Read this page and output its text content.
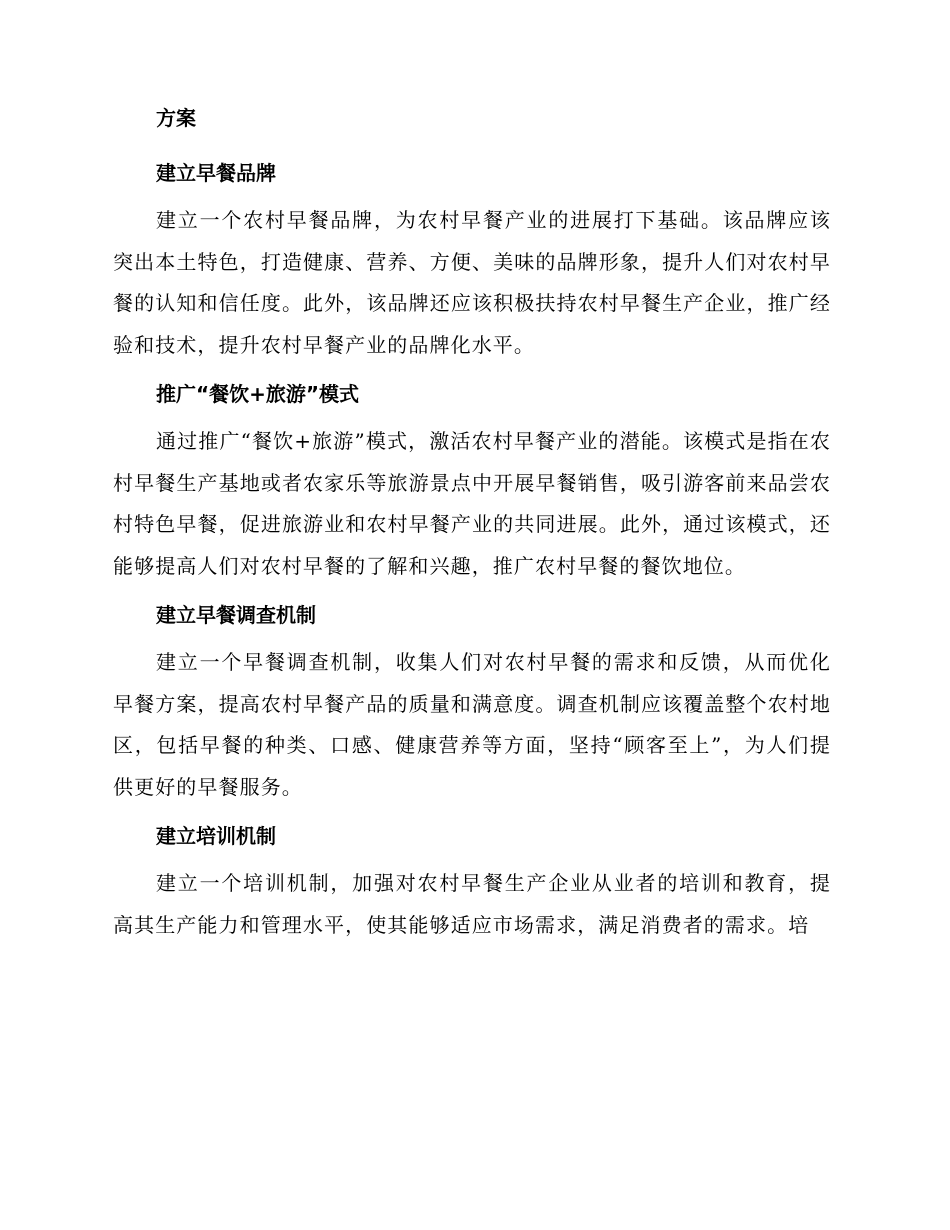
方案
建立早餐品牌

建立一个农村早餐品牌，为农村早餐产业的进展打下基础。该品牌应该突出本土特色，打造健康、营养、方便、美味的品牌形象，提升人们对农村早餐的认知和信任度。此外，该品牌还应该积极扶持农村早餐生产企业，推广经验和技术，提升农村早餐产业的品牌化水平。

推广“餐饮+旅游”模式

通过推广“餐饮+旅游”模式，激活农村早餐产业的潜能。该模式是指在农村早餐生产基地或者农家乐等旅游景点中开展早餐销售，吸引游客前来品尝农村特色早餐，促进旅游业和农村早餐产业的共同进展。此外，通过该模式，还能够提高人们对农村早餐的了解和兴趣，推广农村早餐的餐饮地位。

建立早餐调查机制

建立一个早餐调查机制，收集人们对农村早餐的需求和反馈，从而优化早餐方案，提高农村早餐产品的质量和满意度。调查机制应该覆盖整个农村地区，包括早餐的种类、口感、健康营养等方面，坚持“顾客至上”，为人们提供更好的早餐服务。

建立培训机制

建立一个培训机制，加强对农村早餐生产企业从业者的培训和教育，提高其生产能力和管理水平，使其能够适应市场需求，满足消费者的需求。培
